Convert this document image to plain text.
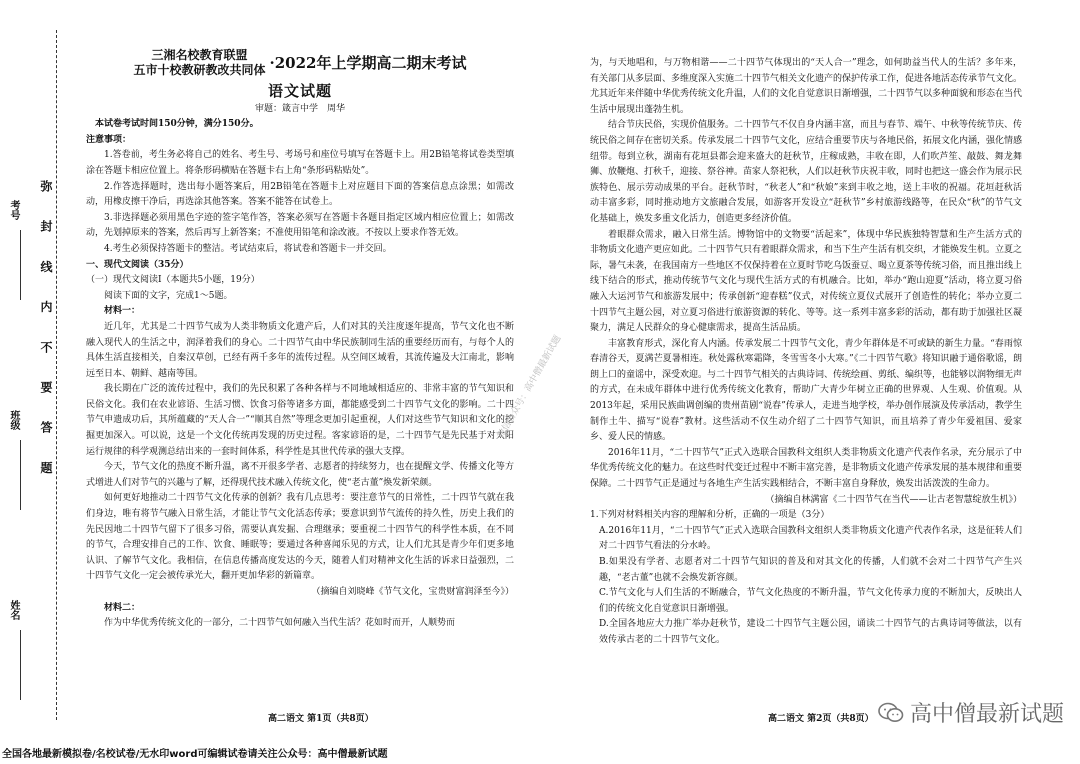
弥 封 线 内 不 要 答 题
考号
班级
姓名
三湘名校教育联盟
五市十校教研教改共同体 ·2022年上学期高二期末考试
语文试题
审题：箴言中学　周华
本试卷考试时间150分钟，满分150分。
注意事项：

1.答卷前，考生务必将自己的姓名、考生号、考场号和座位号填写在答题卡上。用2B铅笔将试卷类型填涂在答题卡相应位置上。将条形码横贴在答题卡右上角“条形码粘贴处”。

2.作答选择题时，选出每小题答案后，用2B铅笔在答题卡上对应题目下面的答案信息点涂黑；如需改动，用橡皮擦干净后，再选涂其他答案。答案不能答在试卷上。

3.非选择题必须用黑色字迹的签字笔作答，答案必须写在答题卡各题目指定区域内相应位置上；如需改动，先划掉原来的答案，然后再写上新答案；不准使用铅笔和涂改液。不按以上要求作答无效。

4.考生必须保持答题卡的整洁。考试结束后，将试卷和答题卡一并交回。

一、现代文阅读（35分）
（一）现代文阅读Ⅰ（本题共5小题，19分）

阅读下面的文字，完成1～5题。

材料一：

近几年，尤其是二十四节气成为人类非物质文化遗产后，人们对其的关注度逐年提高，节气文化也不断融入现代人的生活之中，润泽着我们的身心。二十四节气由中华民族制同生活的重要经历而有，与每个人的具体生活直接相关，自秦汉草创，已经有两千多年的流传过程。从空间区域看，其流传遍及大江南北，影响远至日本、朝鲜、越南等国。

我长期在广泛的流传过程中，我们的先民积累了各种各样与不同地域相适应的、非常丰富的节气知识和民俗文化。我们在农业谚语、生活习惯、饮食习俗等诸多方面，都能感受到二十四节气文化的影响。二十四节气申遗成功后，其所蕴藏的“天人合一”“顺其自然”等理念更加引起重视，人们对这些节气知识和文化的挖掘更加深入。可以说，这是一个文化传统再发现的历史过程。客家谚语的是，二十四节气是先民基于对太阳运行规律的科学观测总结出来的一套时间体系，科学性是其世代传承的强大支撑。

今天，节气文化的热度不断升温，离不开很多学者、志愿者的持续努力，也在提醒文学、传播文化等方式增进人们对节气的兴趣与了解，还得现代技术融入传统文化，使“老古董”焕发新荣颜。

如何更好地推动二十四节气文化传承的创新？我有几点思考：要注意节气的日常性，二十四节气就在我们身边，唯有将节气融入日常生活，才能让节气文化活态传承；要意识到节气流传的持久性，历史上我们的先民因地二十四节气留下了很多习俗，需要认真发掘、合理继承；要重视二十四节气的科学性本质，在不同的节气，合理安排自己的工作、饮食、睡眠等；要通过各种喜闻乐见的方式，让人们尤其是青少年们更多地认识、了解节气文化。我相信，在信息传播高度发达的今天，随着人们对精神文化生活的诉求日益强烈，二十四节气文化一定会被传承光大，翻开更加华彩的新篇章。

（摘编自刘晓峰《节气文化，宝贵财富润泽至今》）

材料二：

作为中华优秀传统文化的一部分，二十四节气如何融入当代生活？花如时而开，人顺势而

为，与天地唱和，与万物相谐——二十四节气体现出的“天人合一”理念，如何助益当代人的生活？多年来，有关部门从多层面、多维度深入实施二十四节气相关文化遗产的保护传承工作，促进各地活态传承节气文化。尤其近年来伴随中华优秀传统文化升温，人们的文化自觉意识日渐增强，二十四节气以多种面貌和形态在当代生活中展现出蓬勃生机。

结合节庆民俗，实现价值服务。二十四节气不仅自身内涵丰富，而且与春节、端午、中秋等传统节庆、传统民俗之间存在密切关系。传承发展二十四节气文化，应结合重要节庆与各地民俗，拓展文化内涵，强化情感纽带。每到立秋，湖南有花垣县都会迎来盛大的赶秋节，庄稼成熟，丰收在即，人们吹芦笙、敲鼓、舞龙舞狮、放鞭炮、打秋千，迎接、祭谷神。苗家人祭祀秋，人们以赶秋节庆祝丰收，同时也把这一盛会作为展示民族特色、展示劳动成果的平台。赶秋节时，“秋老人”和“秋娘”来到丰收之地，送上丰收的祝福。花垣赶秋活动丰富多彩，同时推动地方文旅融合发展，如游客开发设立“赶秋节”乡村旅游线路等，在民众“秋”的节气文化基础上，焕发多重文化活力，创造更多经济价值。

着眼群众需求，融入日常生活。博物馆中的文物要“活起来”，体现中华民族独特智慧和生产生活方式的非物质文化遗产更应如此。二十四节气只有着眼群众需求，和当下生产生活有机交织，才能焕发生机。立夏之际，暑气未袭，在我国南方一些地区不仅保持着在立夏时节吃乌饭蚕豆、喝立夏茶等传统习俗，而且推出线上线下结合的形式，推动传统节气文化与现代生活方式的有机融合。比如，举办“跑山迎夏”活动，将立夏习俗融入大运河节气和旅游发展中；传承创新“迎春糕”仪式，对传统立夏仪式展开了创造性的转化；举办立夏二十四节气主题公园，对立夏习俗进行旅游资源的转化、等等。这一系列丰富多彩的活动，都有助于加强社区凝聚力，满足人民群众的身心健康需求，提高生活品质。

丰富教育形式，深化育人内涵。传承发展二十四节气文化，青少年群体是不可或缺的新生力量。“春雨惊春清谷天，夏满芒夏暑相连。秋处露秋寒霜降，冬雪雪冬小大寒。”《二十四节气歌》将知识融于通俗歌谣，朗朗上口的童谣中，深受欢迎。与二十四节气相关的古典诗词、传统绘画、剪纸、编织等，也能够以润物细无声的方式，在未成年群体中进行优秀传统文化教育，帮助广大青少年树立正确的世界观、人生观、价值观。从2013年起，采用民族曲调创编的贵州苗剧“说春”传承人，走进当地学校，举办创作展演及传承活动，教学生制作土牛、描写“说春”教材。这些活动不仅生动介绍了二十四节气知识，而且培养了青少年爱祖国、爱家乡、爱人民的情感。

2016年11月，“二十四节气”正式入选联合国教科文组织人类非物质文化遗产代表作名录，充分展示了中华优秀传统文化的魅力。在这些时代变迁过程中不断丰富完善，是非物质文化遗产传承发展的基本规律和重要保障。二十四节气正是通过与各地生产生活实践相结合，不断丰富自身释放，焕发出活泼泼的生命力。

（摘编自林满富《二十四节气在当代——让古老智慧绽放生机》）

1.下列对材料相关内容的理解和分析，正确的一项是（3分）

A.2016年11月，“二十四节气”正式入选联合国教科文组织人类非物质文化遗产代表作名录，这是征转人们对二十四节气看法的分水岭。

B.如果没有学者、志愿者对二十四节气知识的普及和对其文化的传播，人们就不会对二十四节气产生兴趣，“老古董”也就不会焕发新容颜。

C.节气文化与人们生活的不断融合，节气文化热度的不断升温，节气文化传承力度的不断加大，反映出人们的传统文化自觉意识日渐增强。

D.全国各地应大力推广举办赶秋节，建设二十四节气主题公园，诵读二十四节气的古典诗词等做法，以有效传承古老的二十四节气文化。

微信公众号：高中僧最新试题
高二语文 第1页（共8页）	高二语文 第2页（共8页） 高中僧最新试题
全国各地最新模拟卷/名校试卷/无水印word可编辑试卷请关注公众号：高中僧最新试题
